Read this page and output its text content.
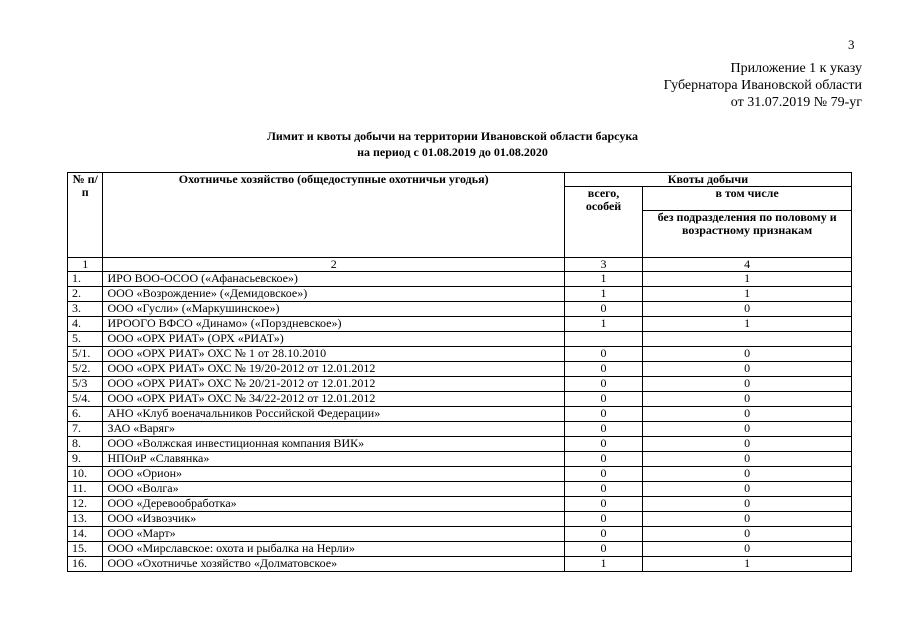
3
Приложение 1 к указу
Губернатора Ивановской области
от 31.07.2019 № 79-уг
Лимит и квоты добычи на территории Ивановской области барсука
на период с 01.08.2019 до 01.08.2020
№ п/п	Охотничье хозяйство (общедоступные охотничьи угодья)	Квоты добычи	
		всего, особей	в том числе
			без подразделения по половому и возрастному признакам
1	2	3	4
1.	ИРО ВОО-ОСОО («Афанасьевское»)	1	1
2.	ООО «Возрождение» («Демидовское»)	1	1
3.	ООО «Гусли» («Маркушинское»)	0	0
4.	ИРООГО ВФСО «Динамо» («Порздневское»)	1	1
5.	ООО «ОРХ РИАТ» (ОРХ «РИАТ»)		
5/1.	ООО «ОРХ РИАТ» ОХС № 1 от 28.10.2010	0	0
5/2.	ООО «ОРХ РИАТ» ОХС № 19/20-2012 от 12.01.2012	0	0
5/3	ООО «ОРХ РИАТ» ОХС № 20/21-2012 от 12.01.2012	0	0
5/4.	ООО «ОРХ РИАТ» ОХС № 34/22-2012 от 12.01.2012	0	0
6.	АНО «Клуб военачальников Российской Федерации»	0	0
7.	ЗАО «Варяг»	0	0
8.	ООО «Волжская инвестиционная компания ВИК»	0	0
9.	НПОиР «Славянка»	0	0
10.	ООО «Орион»	0	0
11.	ООО «Волга»	0	0
12.	ООО «Деревообработка»	0	0
13.	ООО «Извозчик»	0	0
14.	ООО «Март»	0	0
15.	ООО «Мирславское: охота и рыбалка на Нерли»	0	0
16.	ООО «Охотничье хозяйство «Долматовское»	1	1
